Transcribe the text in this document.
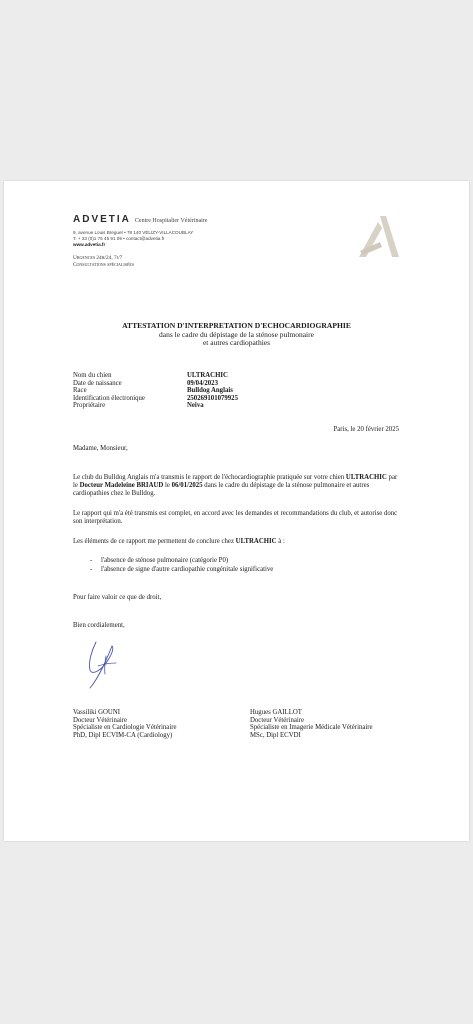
ADVETIA Centre Hospitalier Vétérinaire
9, avenue Louis Breguet • 78 140 VÉLIZY-VILLACOUBLAY
T. + 33 (0)1 75 45 91 09 • contact@advetia.fr
www.advetia.fr
Urgences 24h/24, 7j/7
Consultations spécialisées
ATTESTATION D'INTERPRETATION D'ECHOCARDIOGRAPHIE
dans le cadre du dépistage de la sténose pulmonaire
et autres cardiopathies
Nom du chien	ULTRACHIC
Date de naissance	09/04/2023
Race	Bulldog Anglais
Identification électronique	250269101079925
Propriétaire	Neiva
Paris, le 20 février 2025
Madame, Monsieur,
Le club du Bulldog Anglais m'a transmis le rapport de l'échocardiographie pratiquée sur votre chien ULTRACHIC par le Docteur Madeleine BRIAUD le 06/01/2025 dans le cadre du dépistage de la sténose pulmonaire et autres cardiopathies chez le Bulldog.
Le rapport qui m'a été transmis est complet, en accord avec les demandes et recommandations du club, et autorise donc son interprétation.
Les éléments de ce rapport me permettent de conclure chez ULTRACHIC à :
- l'absence de sténose pulmonaire (catégorie P0)
- l'absence de signe d'autre cardiopathie congénitale significative
Pour faire valoir ce que de droit,
Bien cordialement,
Vassiliki GOUNI
Docteur Vétérinaire
Spécialiste en Cardiologie Vétérinaire
PhD, Dipl ECVIM-CA (Cardiology)
Hugues GAILLOT
Docteur Vétérinaire
Spécialiste en Imagerie Médicale Vétérinaire
MSc, Dipl ECVDI
